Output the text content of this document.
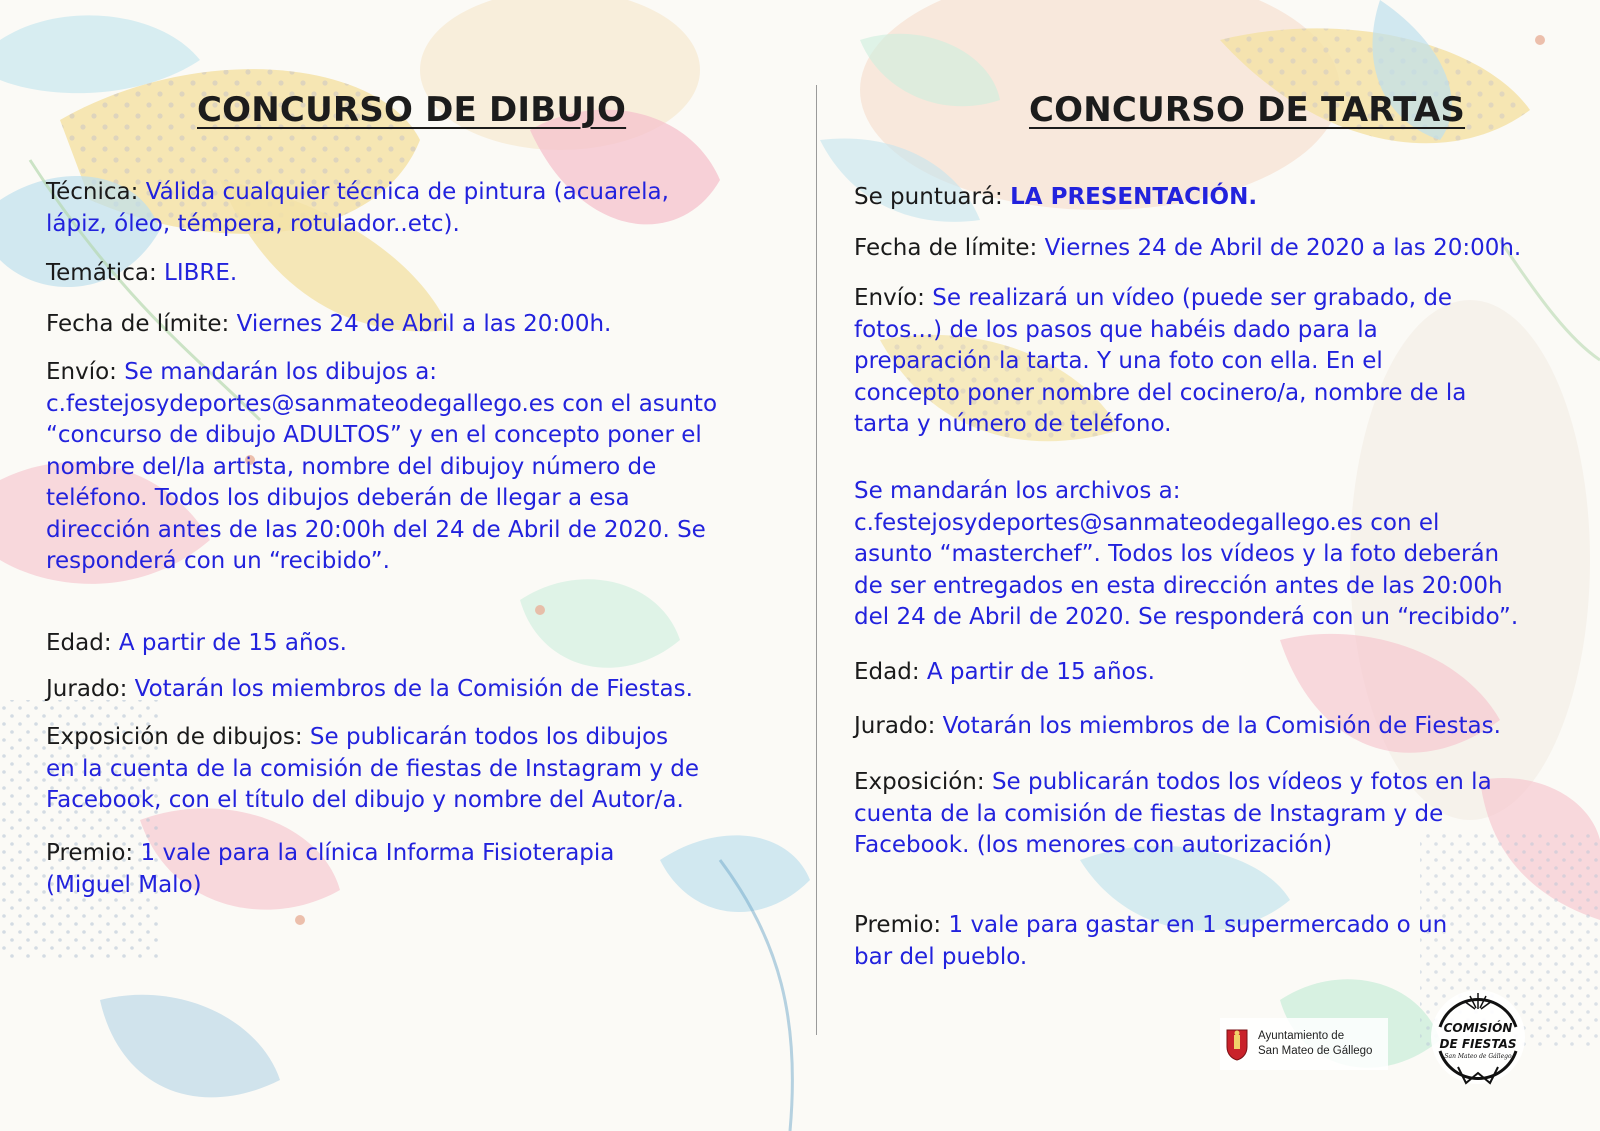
CONCURSO DE DIBUJO

Técnica: Válida cualquier técnica de pintura (acuarela,
lápiz, óleo, témpera, rotulador..etc).

Temática: LIBRE.

Fecha de límite: Viernes 24 de Abril a las 20:00h.

Envío: Se mandarán los dibujos a:
c.festejosydeportes@sanmateodegallego.es con el asunto
“concurso de dibujo ADULTOS” y en el concepto poner el
nombre del/la artista, nombre del dibujoy número de
teléfono. Todos los dibujos deberán de llegar a esa
dirección antes de las 20:00h del 24 de Abril de 2020. Se
responderá con un “recibido”.

Edad: A partir de 15 años.

Jurado: Votarán los miembros de la Comisión de Fiestas.

Exposición de dibujos: Se publicarán todos los dibujos
en la cuenta de la comisión de fiestas de Instagram y de
Facebook, con el título del dibujo y nombre del Autor/a.

Premio: 1 vale para la clínica Informa Fisioterapia
(Miguel Malo)

CONCURSO DE TARTAS

Se puntuará: LA PRESENTACIÓN.

Fecha de límite: Viernes 24 de Abril de 2020 a las 20:00h.

Envío: Se realizará un vídeo (puede ser grabado, de
fotos...) de los pasos que habéis dado para la
preparación la tarta. Y una foto con ella. En el
concepto poner nombre del cocinero/a, nombre de la
tarta y número de teléfono.

Se mandarán los archivos a:
c.festejosydeportes@sanmateodegallego.es con el
asunto “masterchef”. Todos los vídeos y la foto deberán
de ser entregados en esta dirección antes de las 20:00h
del 24 de Abril de 2020. Se responderá con un “recibido”.

Edad: A partir de 15 años.

Jurado: Votarán los miembros de la Comisión de Fiestas.

Exposición: Se publicarán todos los vídeos y fotos en la
cuenta de la comisión de fiestas de Instagram y de
Facebook. (los menores con autorización)

Premio: 1 vale para gastar en 1 supermercado o un
bar del pueblo.

Ayuntamiento de
San Mateo de Gállego
COMISIÓN
DE FIESTAS
San Mateo de Gállego
